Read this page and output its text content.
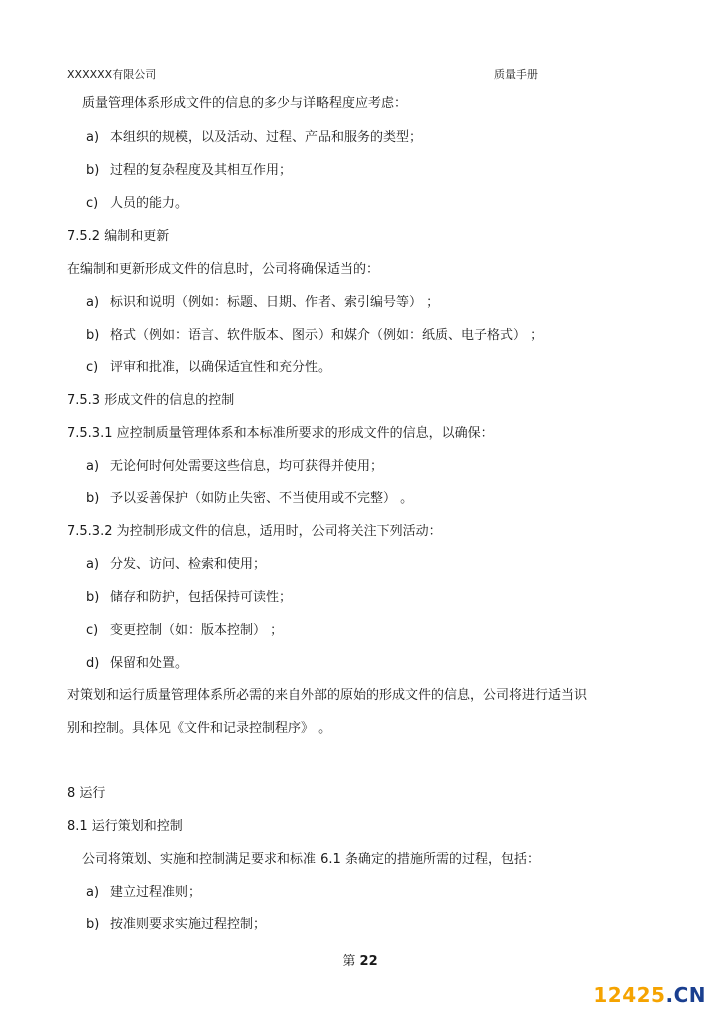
XXXXXX有限公司	质量手册
质量管理体系形成文件的信息的多少与详略程度应考虑：
a) 本组织的规模，以及活动、过程、产品和服务的类型；
b) 过程的复杂程度及其相互作用；
c) 人员的能力。
7.5.2 编制和更新
在编制和更新形成文件的信息时，公司将确保适当的：
a) 标识和说明（例如：标题、日期、作者、索引编号等） ；
b) 格式（例如：语言、软件版本、图示）和媒介（例如：纸质、电子格式） ；
c) 评审和批准，以确保适宜性和充分性。
7.5.3 形成文件的信息的控制
7.5.3.1 应控制质量管理体系和本标准所要求的形成文件的信息，以确保：
a) 无论何时何处需要这些信息，均可获得并使用；
b) 予以妥善保护（如防止失密、不当使用或不完整） 。
7.5.3.2 为控制形成文件的信息，适用时，公司将关注下列活动：
a) 分发、访问、检索和使用；
b) 储存和防护，包括保持可读性；
c) 变更控制（如：版本控制） ；
d) 保留和处置。
对策划和运行质量管理体系所必需的来自外部的原始的形成文件的信息，公司将进行适当识
别和控制。具体见《文件和记录控制程序》 。
8 运行
8.1 运行策划和控制
公司将策划、实施和控制满足要求和标准 6.1 条确定的措施所需的过程，包括：
a) 建立过程准则；
b) 按准则要求实施过程控制；
第 22
12425.CN
